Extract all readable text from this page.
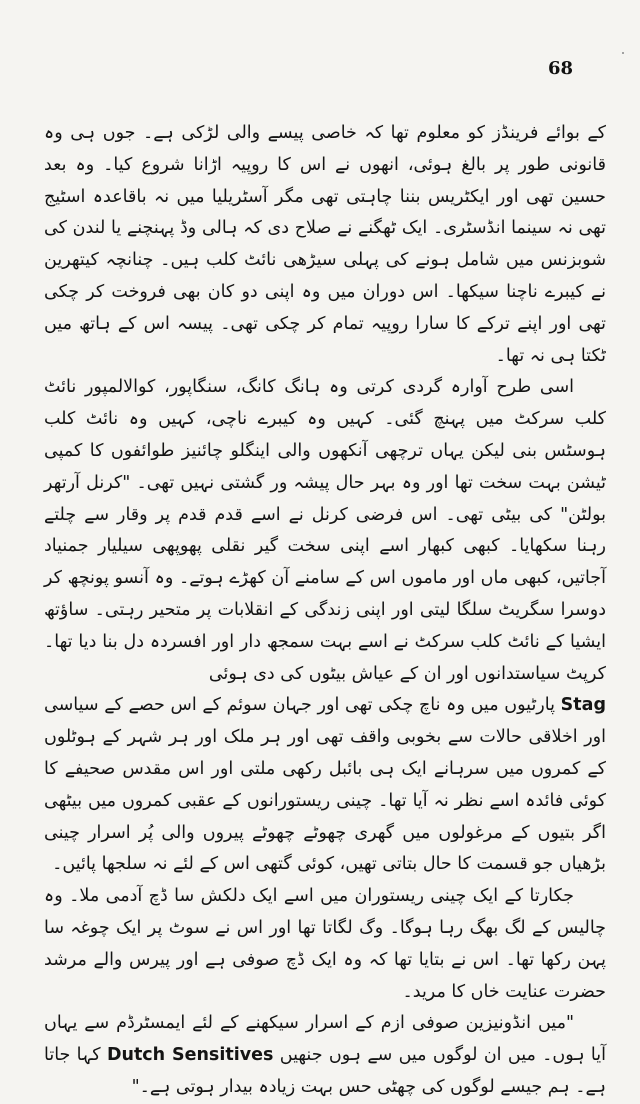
68

کے بوائے فرینڈز کو معلوم تھا کہ خاصی پیسے والی لڑکی ہے۔ جوں ہی وہ قانونی طور پر بالغ ہوئی، انھوں نے اس کا روپیہ اڑانا شروع کیا۔ وہ بعد حسین تھی اور ایکٹریس بننا چاہتی تھی مگر آسٹریلیا میں نہ باقاعدہ اسٹیج تھی نہ سینما انڈسٹری۔ ایک ٹھگنے نے صلاح دی کہ ہالی وڈ پہنچنے یا لندن کی شوبزنس میں شامل ہونے کی پہلی سیڑھی نائٹ کلب ہیں۔ چنانچہ کیتھرین نے کیبرے ناچنا سیکھا۔ اس دوران میں وہ اپنی دو کان بھی فروخت کر چکی تھی اور اپنے ترکے کا سارا روپیہ تمام کر چکی تھی۔ پیسہ اس کے ہاتھ میں ٹکتا ہی نہ تھا۔

اسی طرح آوارہ گردی کرتی وہ ہانگ کانگ، سنگاپور، کوالالمپور نائٹ کلب سرکٹ میں پہنچ گئی۔ کہیں وہ کیبرے ناچی، کہیں وہ نائٹ کلب ہوسٹس بنی لیکن یہاں ترچھی آنکھوں والی اینگلو چائنیز طوائفوں کا کمپی ٹیشن بہت سخت تھا اور وہ بہر حال پیشہ ور گشتی نہیں تھی۔ "کرنل آرتھر بولٹن" کی بیٹی تھی۔ اس فرضی کرنل نے اسے قدم قدم پر وقار سے چلتے رہنا سکھایا۔ کبھی کبھار اسے اپنی سخت گیر نقلی پھوپھی سیلیار جمنیاد آجاتیں، کبھی ماں اور ماموں اس کے سامنے آن کھڑے ہوتے۔ وہ آنسو پونچھ کر دوسرا سگریٹ سلگا لیتی اور اپنی زندگی کے انقلابات پر متحیر رہتی۔ ساؤتھ ایشیا کے نائٹ کلب سرکٹ نے اسے بہت سمجھ دار اور افسردہ دل بنا دیا تھا۔ کرپٹ سیاستدانوں اور ان کے عیاش بیٹوں کی دی ہوئی

Stag پارٹیوں میں وہ ناچ چکی تھی اور جہان سوئم کے اس حصے کے سیاسی اور اخلاقی حالات سے بخوبی واقف تھی اور ہر ملک اور ہر شہر کے ہوٹلوں کے کمروں میں سرہانے ایک ہی بائبل رکھی ملتی اور اس مقدس صحیفے کا کوئی فائدہ اسے نظر نہ آیا تھا۔ چینی ریستورانوں کے عقبی کمروں میں بیٹھی اگر بتیوں کے مرغولوں میں گھری چھوٹے چھوٹے پیروں والی پُر اسرار چینی بڑھیاں جو قسمت کا حال بتاتی تھیں، کوئی گتھی اس کے لئے نہ سلجھا پائیں۔

جکارتا کے ایک چینی ریستوران میں اسے ایک دلکش سا ڈچ آدمی ملا۔ وہ چالیس کے لگ بھگ رہا ہوگا۔ وگ لگاتا تھا اور اس نے سوٹ پر ایک چوغہ سا پہن رکھا تھا۔ اس نے بتایا تھا کہ وہ ایک ڈچ صوفی ہے اور پیرس والے مرشد حضرت عنایت خاں کا مرید۔

"میں انڈونیزین صوفی ازم کے اسرار سیکھنے کے لئے ایمسٹرڈم سے یہاں آیا ہوں۔ میں ان لوگوں میں سے ہوں جنھیں Dutch Sensitives کہا جاتا ہے۔ ہم جیسے لوگوں کی چھٹی حس بہت زیادہ بیدار ہوتی ہے۔"
